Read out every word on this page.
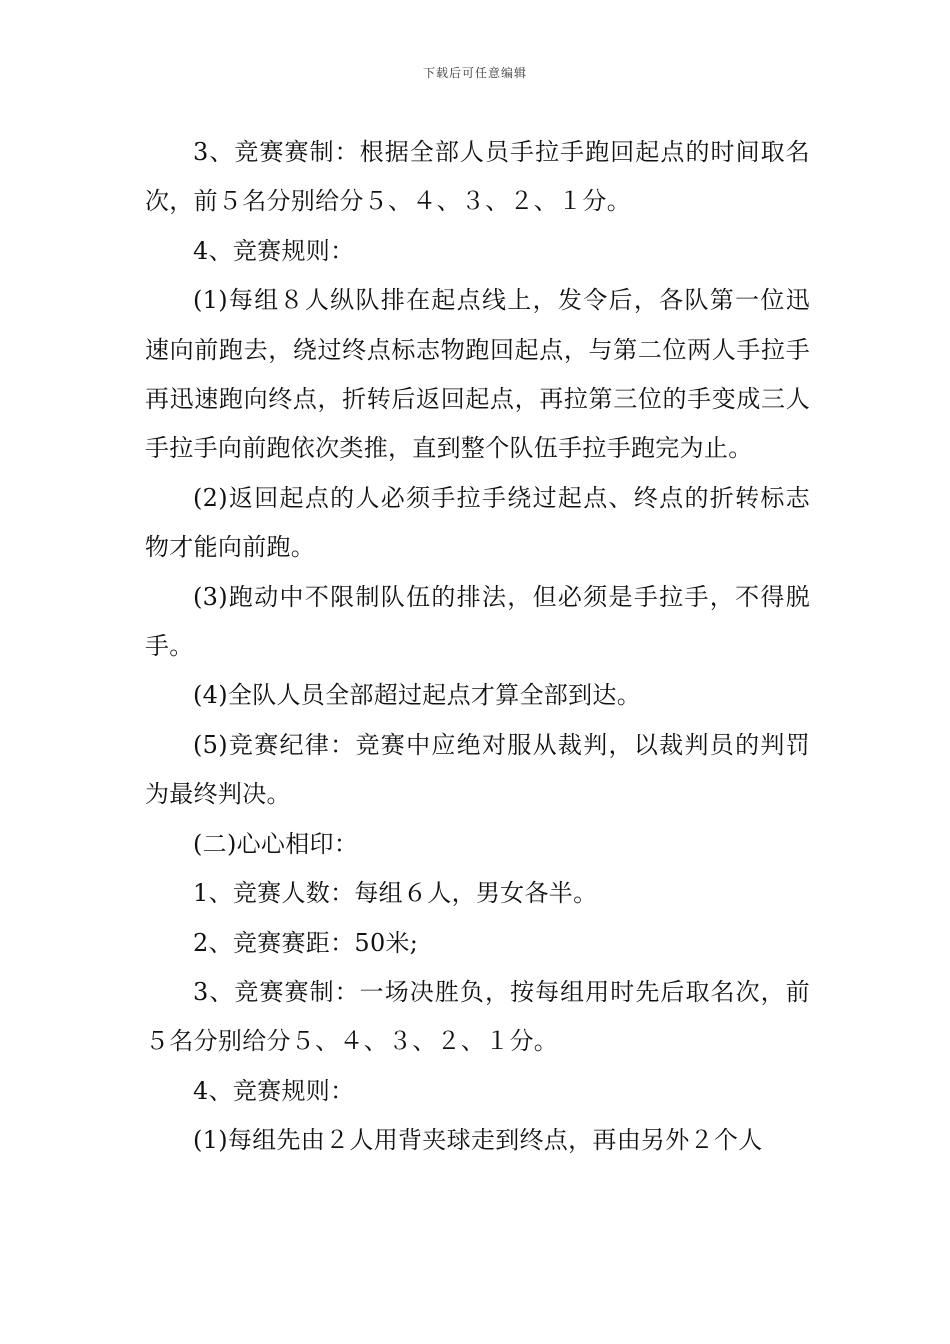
下载后可任意编辑

3、竞赛赛制：根据全部人员手拉手跑回起点的时间取名次，前５名分别给分５、４、３、２、１分。

4、竞赛规则：

(1)每组８人纵队排在起点线上，发令后，各队第一位迅速向前跑去，绕过终点标志物跑回起点，与第二位两人手拉手再迅速跑向终点，折转后返回起点，再拉第三位的手变成三人手拉手向前跑依次类推，直到整个队伍手拉手跑完为止。

(2)返回起点的人必须手拉手绕过起点、终点的折转标志物才能向前跑。

(3)跑动中不限制队伍的排法，但必须是手拉手，不得脱手。

(4)全队人员全部超过起点才算全部到达。

(5)竞赛纪律：竞赛中应绝对服从裁判，以裁判员的判罚为最终判决。

(二)心心相印：

1、竞赛人数：每组６人，男女各半。

2、竞赛赛距：50米;

3、竞赛赛制：一场决胜负，按每组用时先后取名次，前５名分别给分５、４、３、２、１分。

4、竞赛规则：

(1)每组先由２人用背夹球走到终点，再由另外２个人
